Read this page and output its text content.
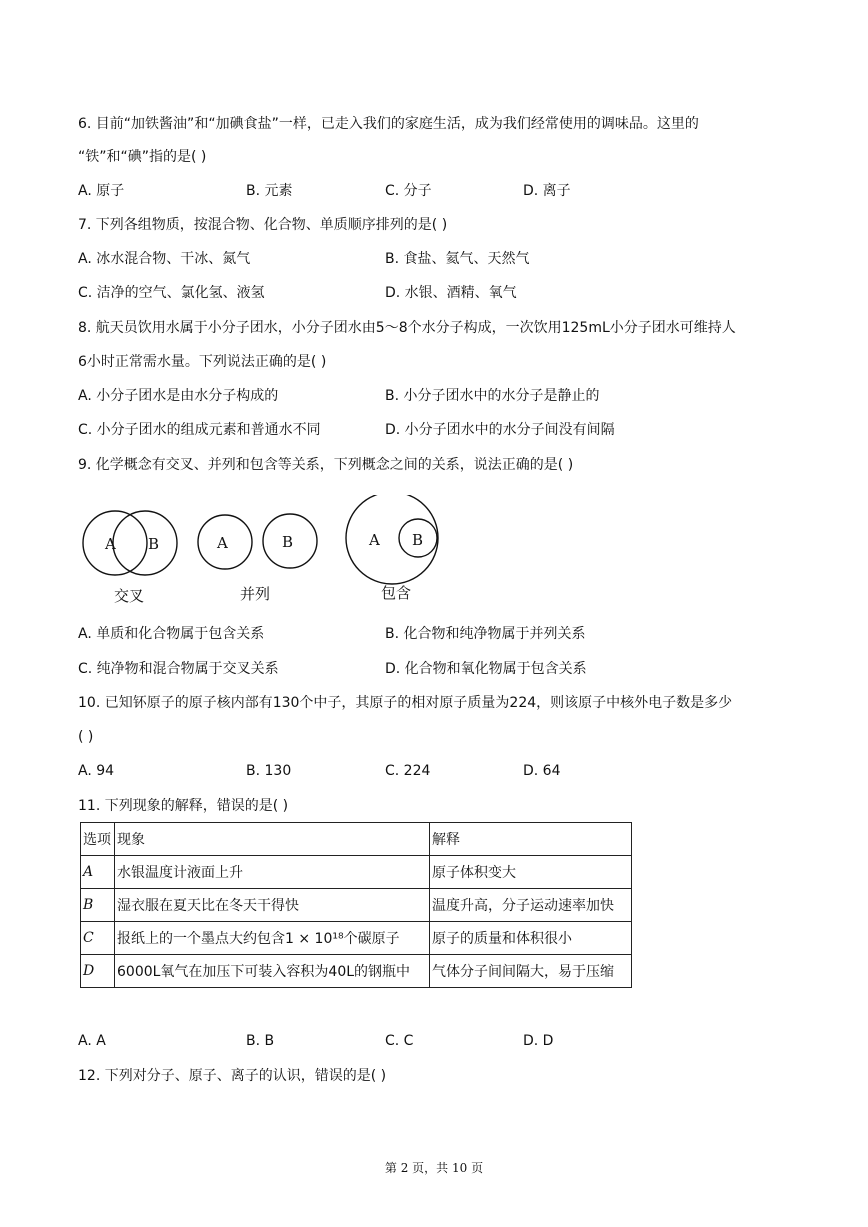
6. 目前“加铁酱油”和“加碘食盐”一样，已走入我们的家庭生活，成为我们经常使用的调味品。这里的
“铁”和“碘”指的是( )
A. 原子	B. 元素	C. 分子	D. 离子
7. 下列各组物质，按混合物、化合物、单质顺序排列的是( )
A. 冰水混合物、干冰、氮气	B. 食盐、氦气、天然气
C. 洁净的空气、氯化氢、液氢	D. 水银、酒精、氧气
8. 航天员饮用水属于小分子团水，小分子团水由5～8个水分子构成，一次饮用125mL小分子团水可维持人
6小时正常需水量。下列说法正确的是( )
A. 小分子团水是由水分子构成的	B. 小分子团水中的水分子是静止的
C. 小分子团水的组成元素和普通水不同	D. 小分子团水中的水分子间没有间隔
9. 化学概念有交叉、并列和包含等关系，下列概念之间的关系，说法正确的是( )
A B
交叉
A	B
并列
A B
包含
A. 单质和化合物属于包含关系	B. 化合物和纯净物属于并列关系
C. 纯净物和混合物属于交叉关系	D. 化合物和氧化物属于包含关系
10. 已知钚原子的原子核内部有130个中子，其原子的相对原子质量为224，则该原子中核外电子数是多少
( )
A. 94	B. 130	C. 224	D. 64
11. 下列现象的解释，错误的是( )
选项	现象	解释
A	水银温度计液面上升	原子体积变大
B	湿衣服在夏天比在冬天干得快	温度升高，分子运动速率加快
C	报纸上的一个墨点大约包含1 × 10¹⁸个碳原子	原子的质量和体积很小
D	6000L氧气在加压下可装入容积为40L的钢瓶中	气体分子间间隔大，易于压缩
A. A	B. B	C. C	D. D
12. 下列对分子、原子、离子的认识，错误的是( )
第 2 页，共 10 页
